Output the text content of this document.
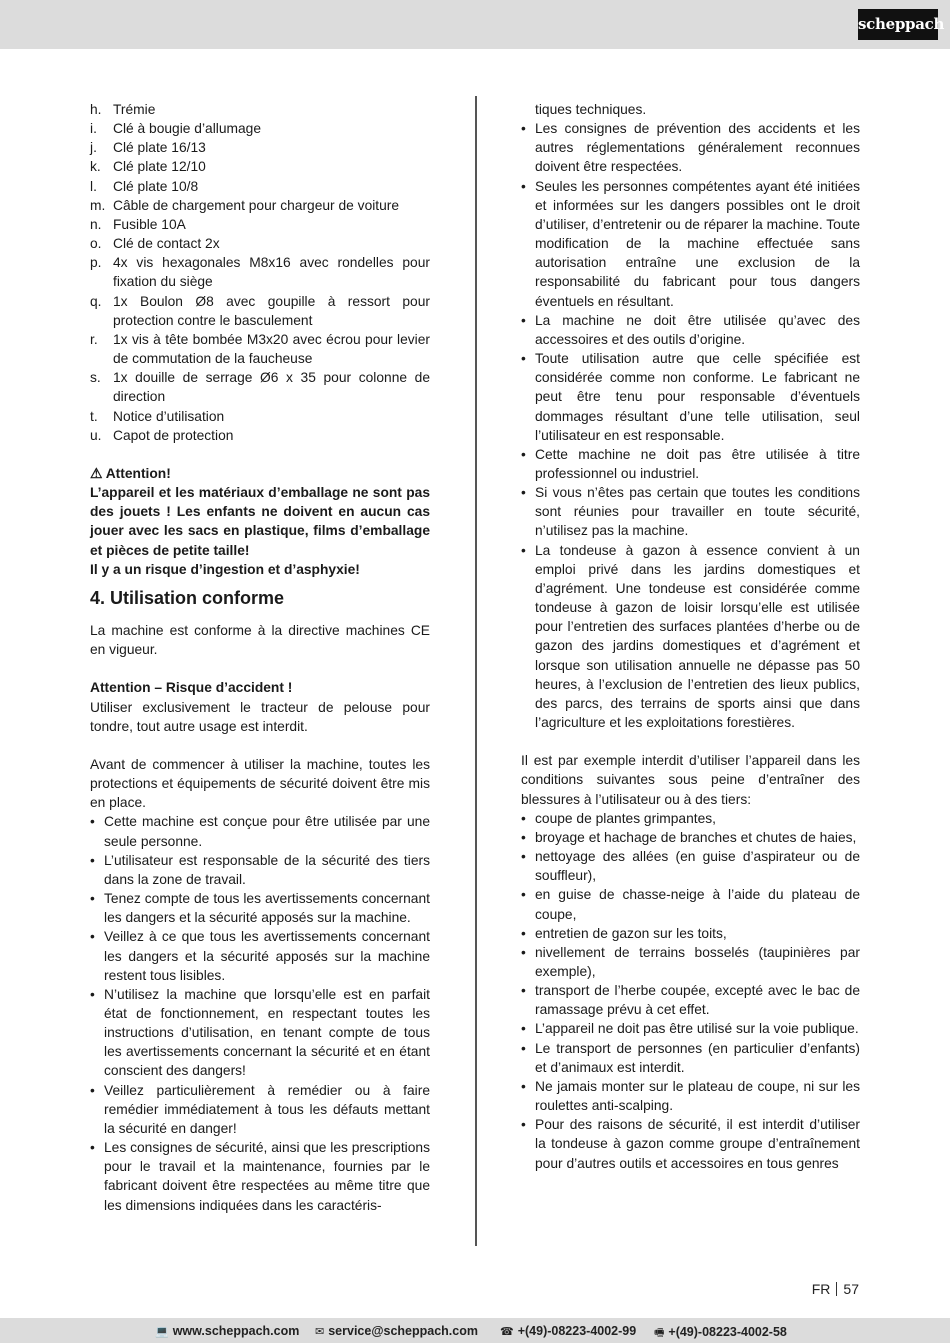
scheppach
h. Trémie
i.	Clé à bougie d’allumage
j.	Clé plate 16/13
k. Clé plate 12/10
l.	Clé plate 10/8
m. Câble de chargement pour chargeur de voiture
n. Fusible 10A
o. Clé de contact 2x
p. 4x vis hexagonales M8x16 avec rondelles pour fixation du siège
q. 1x Boulon Ø8 avec goupille à ressort pour protection contre le basculement
r.	1x vis à tête bombée M3x20 avec écrou pour levier de commutation de la faucheuse
s. 1x douille de serrage Ø6 x 35 pour colonne de direction
t.	Notice d’utilisation
u. Capot de protection

⚠ Attention!

L’appareil et les matériaux d’emballage ne sont pas des jouets ! Les enfants ne doivent en aucun cas jouer avec les sacs en plastique, films d’emballage et pièces de petite taille!

Il y a un risque d’ingestion et d’asphyxie!

4. Utilisation conforme

La machine est conforme à la directive machines CE en vigueur.

Attention – Risque d’accident !

Utiliser exclusivement le tracteur de pelouse pour tondre, tout autre usage est interdit.

Avant de commencer à utiliser la machine, toutes les protections et équipements de sécurité doivent être mis en place.

• Cette machine est conçue pour être utilisée par une seule personne.
• L’utilisateur est responsable de la sécurité des tiers dans la zone de travail.
• Tenez compte de tous les avertissements concernant les dangers et la sécurité apposés sur la machine.
• Veillez à ce que tous les avertissements concernant les dangers et la sécurité apposés sur la machine restent tous lisibles.
• N’utilisez la machine que lorsqu’elle est en parfait état de fonctionnement, en respectant toutes les instructions d’utilisation, en tenant compte de tous les avertissements concernant la sécurité et en étant conscient des dangers!
• Veillez particulièrement à remédier ou à faire remédier immédiatement à tous les défauts mettant la sécurité en danger!
• Les consignes de sécurité, ainsi que les prescriptions pour le travail et la maintenance, fournies par le fabricant doivent être respectées au même titre que les dimensions indiquées dans les caractéris-

tiques techniques.

• Les consignes de prévention des accidents et les autres réglementations généralement reconnues doivent être respectées.
• Seules les personnes compétentes ayant été initiées et informées sur les dangers possibles ont le droit d’utiliser, d’entretenir ou de réparer la machine. Toute modification de la machine effectuée sans autorisation entraîne une exclusion de la responsabilité du fabricant pour tous dangers éventuels en résultant.
• La machine ne doit être utilisée qu’avec des accessoires et des outils d’origine.
• Toute utilisation autre que celle spécifiée est considérée comme non conforme. Le fabricant ne peut être tenu pour responsable d’éventuels dommages résultant d’une telle utilisation, seul l’utilisateur en est responsable.
• Cette machine ne doit pas être utilisée à titre professionnel ou industriel.
• Si vous n’êtes pas certain que toutes les conditions sont réunies pour travailler en toute sécurité, n’utilisez pas la machine.
• La tondeuse à gazon à essence convient à un emploi privé dans les jardins domestiques et d’agrément. Une tondeuse est considérée comme tondeuse à gazon de loisir lorsqu’elle est utilisée pour l’entretien des surfaces plantées d’herbe ou de gazon des jardins domestiques et d’agrément et lorsque son utilisation annuelle ne dépasse pas 50 heures, à l’exclusion de l’entretien des lieux publics, des parcs, des terrains de sports ainsi que dans l’agriculture et les exploitations forestières.

Il est par exemple interdit d’utiliser l’appareil dans les conditions suivantes sous peine d’entraîner des blessures à l’utilisateur ou à des tiers:

• coupe de plantes grimpantes,
• broyage et hachage de branches et chutes de haies,
• nettoyage des allées (en guise d’aspirateur ou de souffleur),
• en guise de chasse-neige à l’aide du plateau de coupe,
• entretien de gazon sur les toits,
• nivellement de terrains bosselés (taupinières par exemple),
• transport de l’herbe coupée, excepté avec le bac de ramassage prévu à cet effet.
• L’appareil ne doit pas être utilisé sur la voie publique.
• Le transport de personnes (en particulier d’enfants) et d’animaux est interdit.
• Ne jamais monter sur le plateau de coupe, ni sur les roulettes anti-scalping.
• Pour des raisons de sécurité, il est interdit d’utiliser la tondeuse à gazon comme groupe d’entraînement pour d’autres outils et accessoires en tous genres
FR 57
💻 www.scheppach.com ✉ service@scheppach.com ☎ +(49)-08223-4002-99 🖷 +(49)-08223-4002-58
